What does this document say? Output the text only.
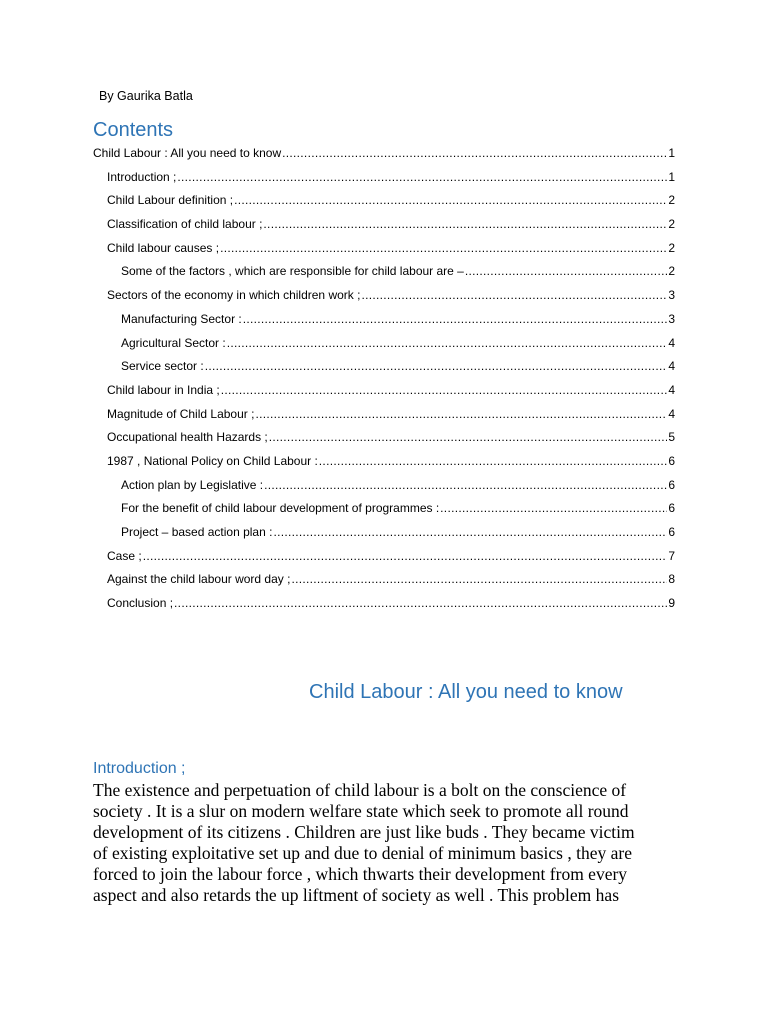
By Gaurika Batla
Contents
Child Labour : All you need to know .....	1
Introduction ; .....	1
Child Labour definition ; .....	2
Classification of child labour ; .....	2
Child labour causes ; .....	2
Some of the factors , which are responsible for child labour are – .....	2
Sectors of the economy in which children work ; .....	3
Manufacturing Sector : .....	3
Agricultural Sector : .....	4
Service sector : .....	4
Child labour in India ; .....	4
Magnitude of Child Labour ; .....	4
Occupational health Hazards ; .....	5
1987 , National Policy on Child Labour : .....	6
Action plan by Legislative : .....	6
For the benefit of child labour development of programmes : .....	6
Project – based action plan : .....	6
Case ; .....	7
Against the child labour word day ; .....	8
Conclusion ; .....	9
Child Labour : All you need to know
Introduction ;
The existence and perpetuation of child labour is a bolt on the conscience of
society . It is a slur on modern welfare state which seek to promote all round
development of its citizens . Children are just like buds . They became victim
of existing exploitative set up and due to denial of minimum basics , they are
forced to join the labour force , which thwarts their development from every
aspect and also retards the up liftment of society as well . This problem has
